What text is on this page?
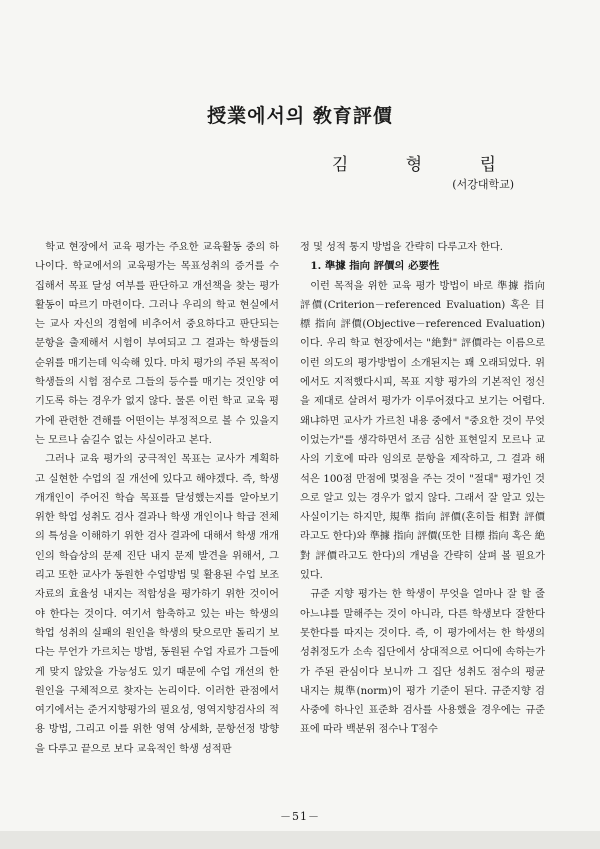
授業에서의 敎育評價
김 형 립
(서강대학교)

학교 현장에서 교육 평가는 주요한 교육활동 중의 하나이다. 학교에서의 교육평가는 목표성취의 증거를 수집해서 목표 달성 여부를 판단하고 개선책을 찾는 평가 활동이 따르기 마련이다. 그러나 우리의 학교 현실에서는 교사 자신의 경험에 비추어서 중요하다고 판단되는 문항을 출제해서 시험이 부여되고 그 결과는 학생들의 순위를 매기는데 익숙해 있다. 마치 평가의 주된 목적이 학생들의 시험 점수로 그들의 등수를 매기는 것인양 여기도록 하는 경우가 없지 않다. 물론 이런 학교 교육 평가에 관련한 견해를 어떤이는 부정적으로 볼 수 있을지는 모르나 숨길수 없는 사실이라고 본다.

그러나 교육 평가의 궁극적인 목표는 교사가 계획하고 실현한 수업의 질 개선에 있다고 해야겠다. 즉, 학생 개개인이 주어진 학습 목표를 달성했는지를 알아보기 위한 학업 성취도 검사 결과나 학생 개인이나 학급 전체의 특성을 이해하기 위한 검사 결과에 대해서 학생 개개인의 학습상의 문제 진단 내지 문제 발견을 위해서, 그리고 또한 교사가 동원한 수업방법 및 활용된 수업 보조 자료의 효율성 내지는 적합성을 평가하기 위한 것이어야 한다는 것이다. 여기서 함축하고 있는 바는 학생의 학업 성취의 실패의 원인을 학생의 탓으로만 돌리기 보다는 무언가 가르치는 방법, 동원된 수업 자료가 그들에게 맞지 않았을 가능성도 있기 때문에 수업 개선의 한 원인을 구체적으로 찾자는 논리이다. 이러한 관점에서 여기에서는 준거지향평가의 필요성, 영역지향검사의 적용 방법, 그리고 이를 위한 영역 상세화, 문항선정 방향을 다루고 끝으로 보다 교육적인 학생 성적판

정 및 성적 통지 방법을 간략히 다루고자 한다.

1. 準據 指向 評價의 必要性

이런 목적을 위한 교육 평가 방법이 바로 準據 指向 評價(Criterion－referenced Evaluation) 혹은 目標 指向 評價(Objective－referenced Evaluation)이다. 우리 학교 현장에서는 "絶對" 評價라는 이름으로 이런 의도의 평가방법이 소개된지는 꽤 오래되었다. 위에서도 지적했다시피, 목표 지향 평가의 기본적인 정신을 제대로 살려서 평가가 이루어졌다고 보기는 어렵다. 왜냐하면 교사가 가르친 내용 중에서 "중요한 것이 무엇이었는가"를 생각하면서 조금 심한 표현일지 모르나 교사의 기호에 따라 임의로 문항을 제작하고, 그 결과 해석은 100점 만점에 몇점을 주는 것이 "절대" 평가인 것으로 알고 있는 경우가 없지 않다. 그래서 잘 알고 있는 사실이기는 하지만, 規準 指向 評價(혼히들 相對 評價라고도 한다)와 準據 指向 評價(또한 目標 指向 혹은 絶對 評價라고도 한다)의 개념을 간략히 살펴 볼 필요가 있다.

규준 지향 평가는 한 학생이 무엇을 얼마나 잘 할 줄 아느냐를 말해주는 것이 아니라, 다른 학생보다 잘한다 못한다를 따지는 것이다. 즉, 이 평가에서는 한 학생의 성취정도가 소속 집단에서 상대적으로 어디에 속하는가가 주된 관심이다 보니까 그 집단 성취도 점수의 평균 내지는 規準(norm)이 평가 기준이 된다. 규준지향 검사중에 하나인 표준화 검사를 사용했을 경우에는 규준표에 따라 백분위 점수나 T점수

－51－
